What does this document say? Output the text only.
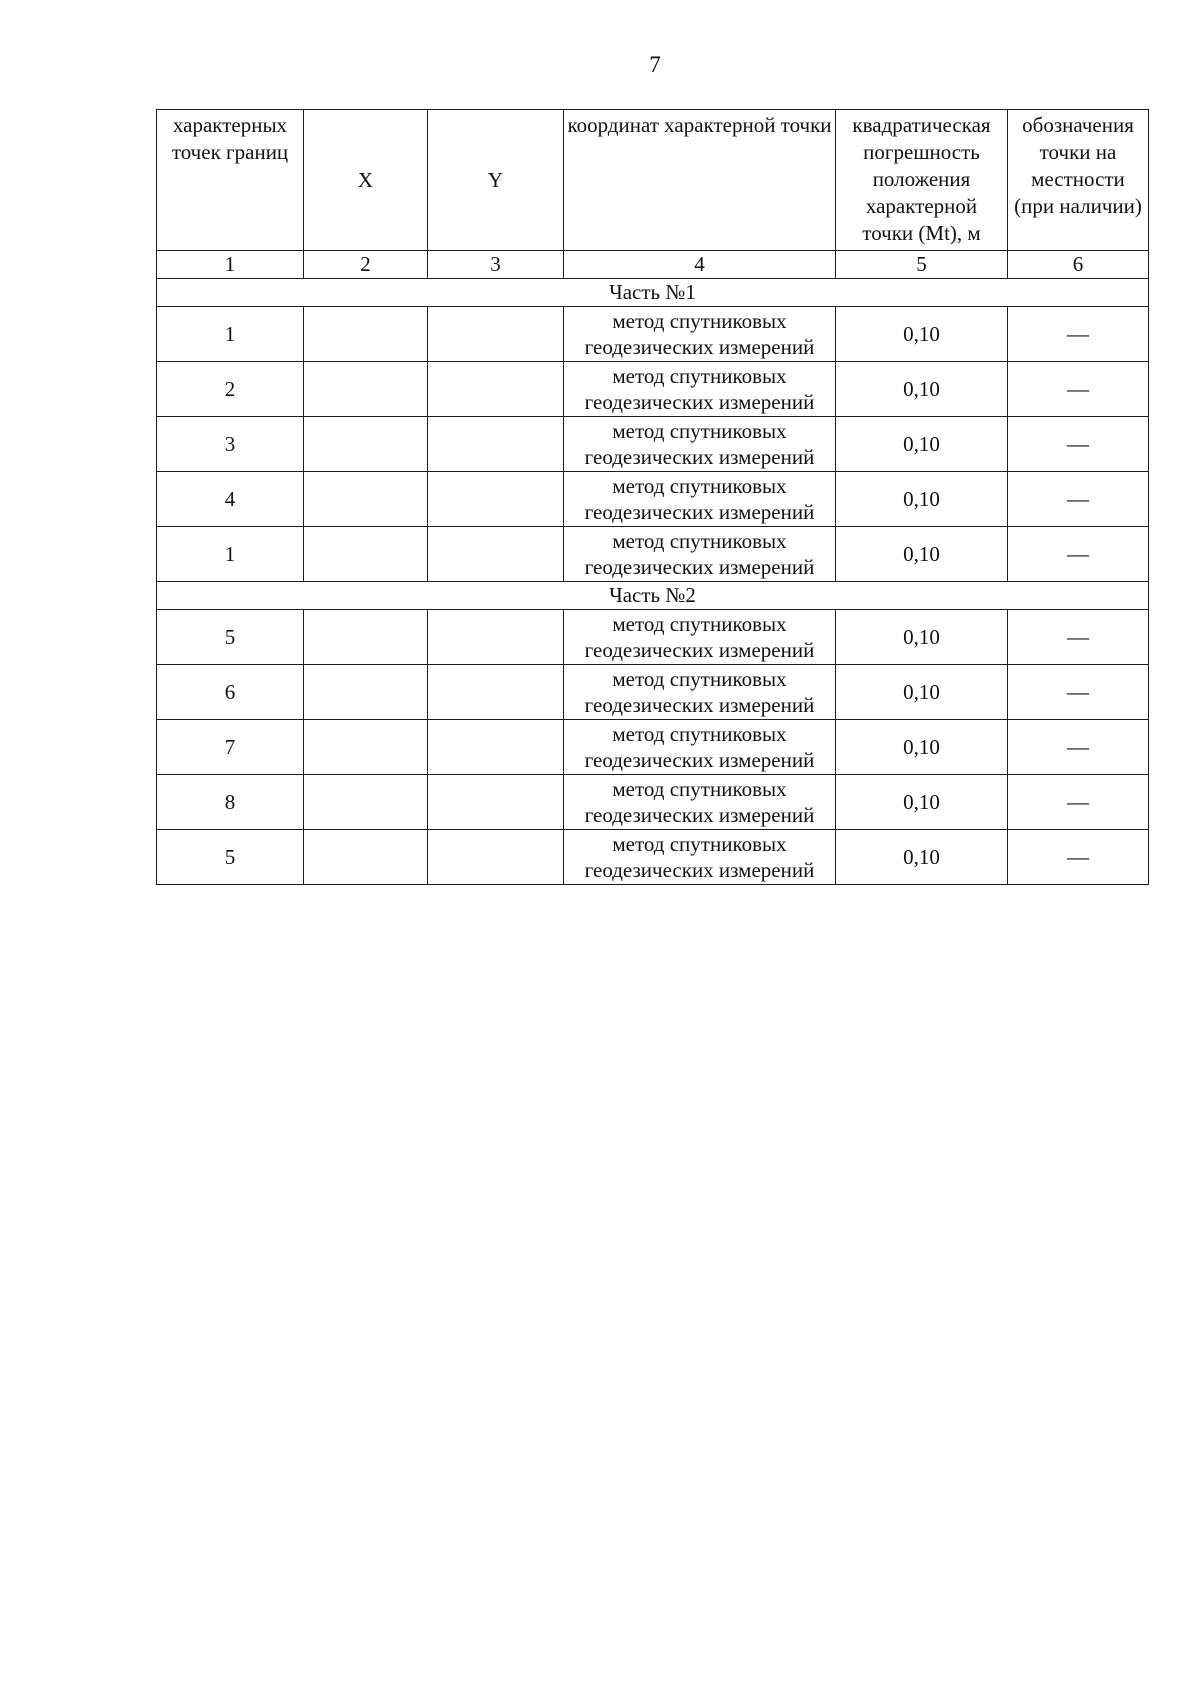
7
характерных точек границ	X	Y	координат характерной точки	квадратическая погрешность положения характерной точки (Mt), м	обозначения точки на местности (при наличии)
1	2	3	4	5	6
Часть №1					
1			метод спутниковых геодезических измерений	0,10	—
2			метод спутниковых геодезических измерений	0,10	—
3			метод спутниковых геодезических измерений	0,10	—
4			метод спутниковых геодезических измерений	0,10	—
1			метод спутниковых геодезических измерений	0,10	—
Часть №2					
5			метод спутниковых геодезических измерений	0,10	—
6			метод спутниковых геодезических измерений	0,10	—
7			метод спутниковых геодезических измерений	0,10	—
8			метод спутниковых геодезических измерений	0,10	—
5			метод спутниковых геодезических измерений	0,10	—
